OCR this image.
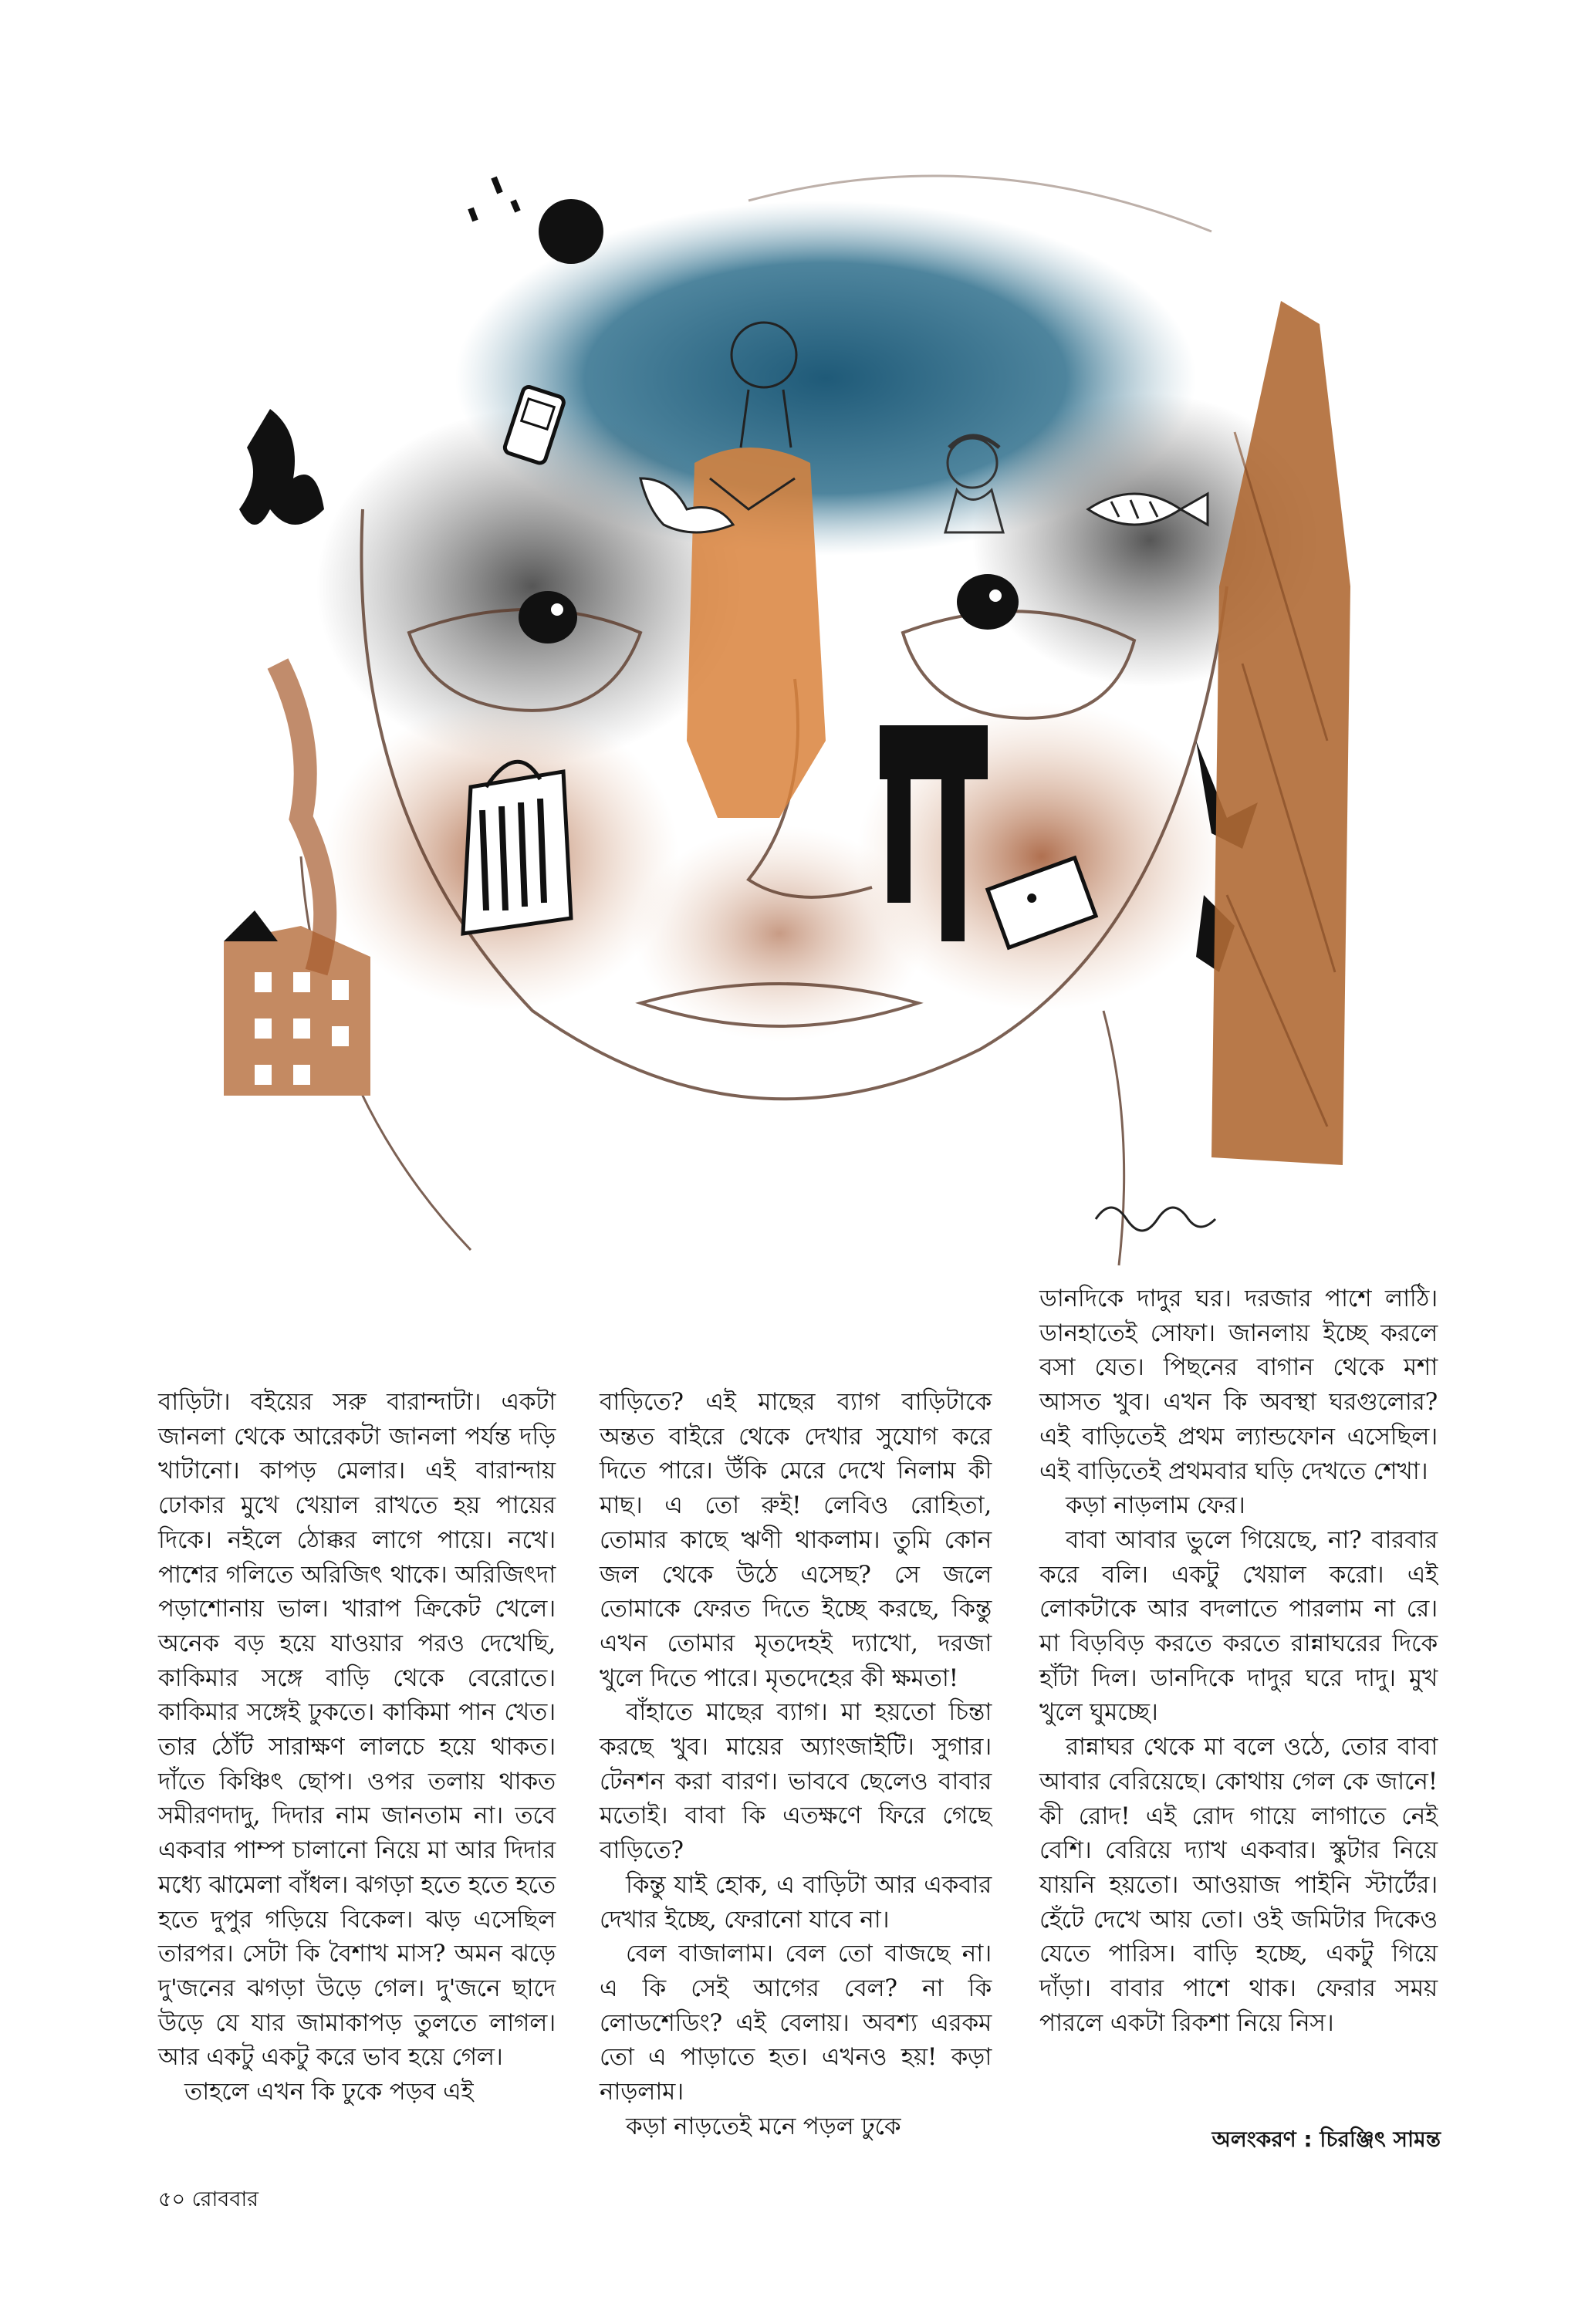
বাড়িটা। বইয়ের সরু বারান্দাটা। একটা জানলা থেকে আরেকটা জানলা পর্যন্ত দড়ি খাটানো। কাপড় মেলার। এই বারান্দায় ঢোকার মুখে খেয়াল রাখতে হয় পায়ের দিকে। নইলে ঠোক্কর লাগে পায়ে। নখে। পাশের গলিতে অরিজিৎ থাকে। অরিজিৎদা পড়াশোনায় ভাল। খারাপ ক্রিকেট খেলে। অনেক বড় হয়ে যাওয়ার পরও দেখেছি, কাকিমার সঙ্গে বাড়ি থেকে বেরোতে। কাকিমার সঙ্গেই ঢুকতে। কাকিমা পান খেত। তার ঠোঁট সারাক্ষণ লালচে হয়ে থাকত। দাঁতে কিঞ্চিৎ ছোপ। ওপর তলায় থাকত সমীরণদাদু, দিদার নাম জানতাম না। তবে একবার পাম্প চালানো নিয়ে মা আর দিদার মধ্যে ঝামেলা বাঁধল। ঝগড়া হতে হতে হতে হতে দুপুর গড়িয়ে বিকেল। ঝড় এসেছিল তারপর। সেটা কি বৈশাখ মাস? অমন ঝড়ে দু'জনের ঝগড়া উড়ে গেল। দু'জনে ছাদে উড়ে যে যার জামাকাপড় তুলতে লাগল। আর একটু একটু করে ভাব হয়ে গেল।

তাহলে এখন কি ঢুকে পড়ব এই

বাড়িতে? এই মাছের ব্যাগ বাড়িটাকে অন্তত বাইরে থেকে দেখার সুযোগ করে দিতে পারে। উঁকি মেরে দেখে নিলাম কী মাছ। এ তো রুই! লেবিও রোহিতা, তোমার কাছে ঋণী থাকলাম। তুমি কোন জল থেকে উঠে এসেছ? সে জলে তোমাকে ফেরত দিতে ইচ্ছে করছে, কিন্তু এখন তোমার মৃতদেহই দ্যাখো, দরজা খুলে দিতে পারে। মৃতদেহের কী ক্ষমতা!

বাঁহাতে মাছের ব্যাগ। মা হয়তো চিন্তা করছে খুব। মায়ের অ্যাংজাইটি। সুগার। টেনশন করা বারণ। ভাববে ছেলেও বাবার মতোই। বাবা কি এতক্ষণে ফিরে গেছে বাড়িতে?

কিন্তু যাই হোক, এ বাড়িটা আর একবার দেখার ইচ্ছে, ফেরানো যাবে না।

বেল বাজালাম। বেল তো বাজছে না। এ কি সেই আগের বেল? না কি লোডশেডিং? এই বেলায়। অবশ্য এরকম তো এ পাড়াতে হত। এখনও হয়! কড়া নাড়লাম।

কড়া নাড়তেই মনে পড়ল ঢুকে

ডানদিকে দাদুর ঘর। দরজার পাশে লাঠি। ডানহাতেই সোফা। জানলায় ইচ্ছে করলে বসা যেত। পিছনের বাগান থেকে মশা আসত খুব। এখন কি অবস্থা ঘরগুলোর? এই বাড়িতেই প্রথম ল্যান্ডফোন এসেছিল। এই বাড়িতেই প্রথমবার ঘড়ি দেখতে শেখা।

কড়া নাড়লাম ফের।

বাবা আবার ভুলে গিয়েছে, না? বারবার করে বলি। একটু খেয়াল করো। এই লোকটাকে আর বদলাতে পারলাম না রে। মা বিড়বিড় করতে করতে রান্নাঘরের দিকে হাঁটা দিল। ডানদিকে দাদুর ঘরে দাদু। মুখ খুলে ঘুমচ্ছে।

রান্নাঘর থেকে মা বলে ওঠে, তোর বাবা আবার বেরিয়েছে। কোথায় গেল কে জানে! কী রোদ! এই রোদ গায়ে লাগাতে নেই বেশি। বেরিয়ে দ্যাখ একবার। স্কুটার নিয়ে যায়নি হয়তো। আওয়াজ পাইনি স্টার্টের। হেঁটে দেখে আয় তো। ওই জমিটার দিকেও যেতে পারিস। বাড়ি হচ্ছে, একটু গিয়ে দাঁড়া। বাবার পাশে থাক। ফেরার সময় পারলে একটা রিকশা নিয়ে নিস।

অলংকরণ : চিরঞ্জিৎ সামন্ত
৫০ রোববার
